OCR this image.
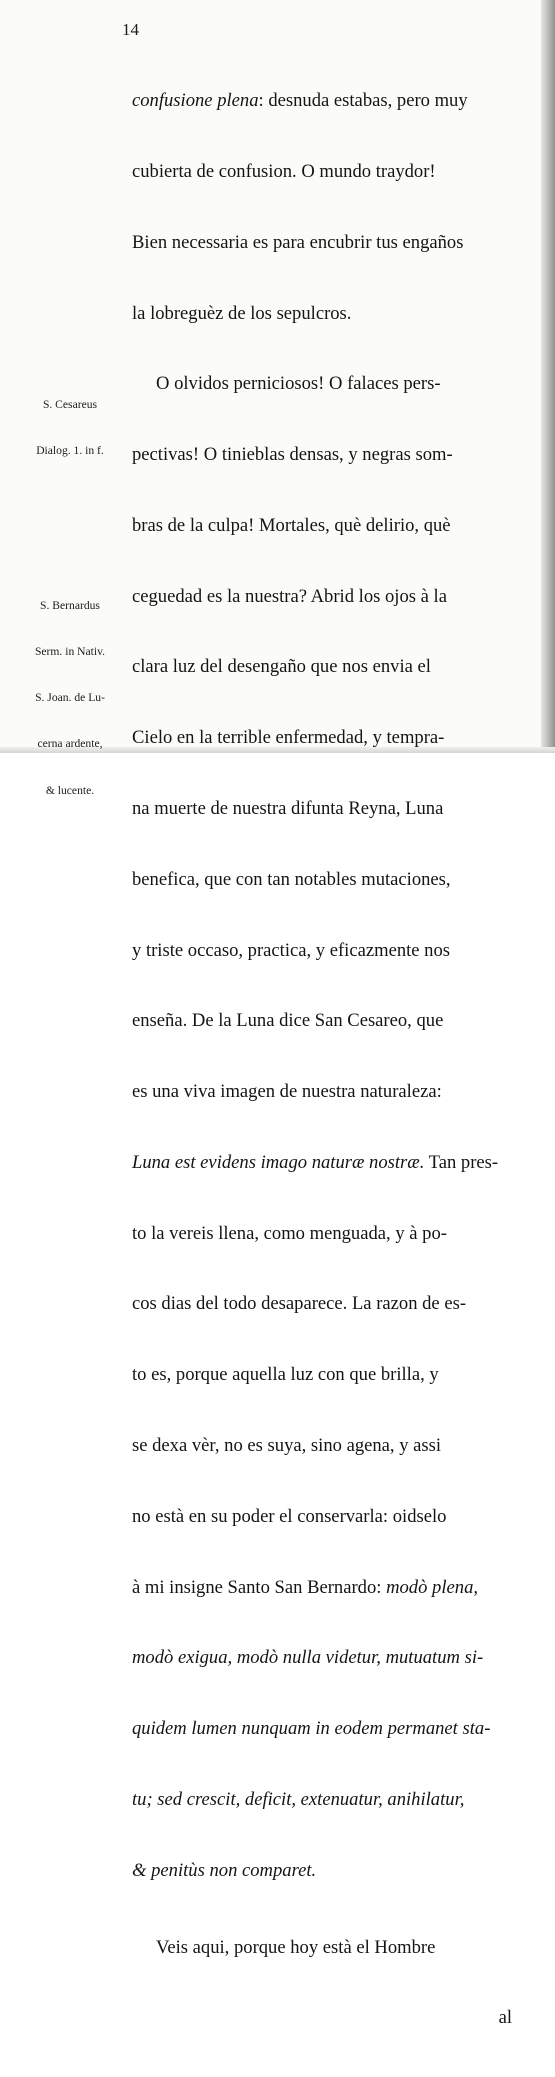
14

S. Cesareus

Dialog. 1. in f.

S. Bernardus

Serm. in Nativ.

S. Joan. de Lu-

cerna ardente,

& lucente.

confusione plena: desnuda estabas, pero muy

cubierta de confusion. O mundo traydor!

Bien necessaria es para encubrir tus engaños

la lobreguèz de los sepulcros.

O olvidos perniciosos! O falaces pers-

pectivas! O tinieblas densas, y negras som-

bras de la culpa! Mortales, què delirio, què

ceguedad es la nuestra? Abrid los ojos à la

clara luz del desengaño que nos envia el

Cielo en la terrible enfermedad, y tempra-

na muerte de nuestra difunta Reyna, Luna

benefica, que con tan notables mutaciones,

y triste occaso, practica, y eficazmente nos

enseña. De la Luna dice San Cesareo, que

es una viva imagen de nuestra naturaleza:

Luna est evidens imago naturæ nostræ. Tan pres-

to la vereis llena, como menguada, y à po-

cos dias del todo desaparece. La razon de es-

to es, porque aquella luz con que brilla, y

se dexa vèr, no es suya, sino agena, y assi

no està en su poder el conservarla: oidselo

à mi insigne Santo San Bernardo: modò plena,

modò exigua, modò nulla videtur, mutuatum si-

quidem lumen nunquam in eodem permanet sta-

tu; sed crescit, deficit, extenuatur, anihilatur,

& penitùs non comparet.

Veis aqui, porque hoy està el Hombre

al
